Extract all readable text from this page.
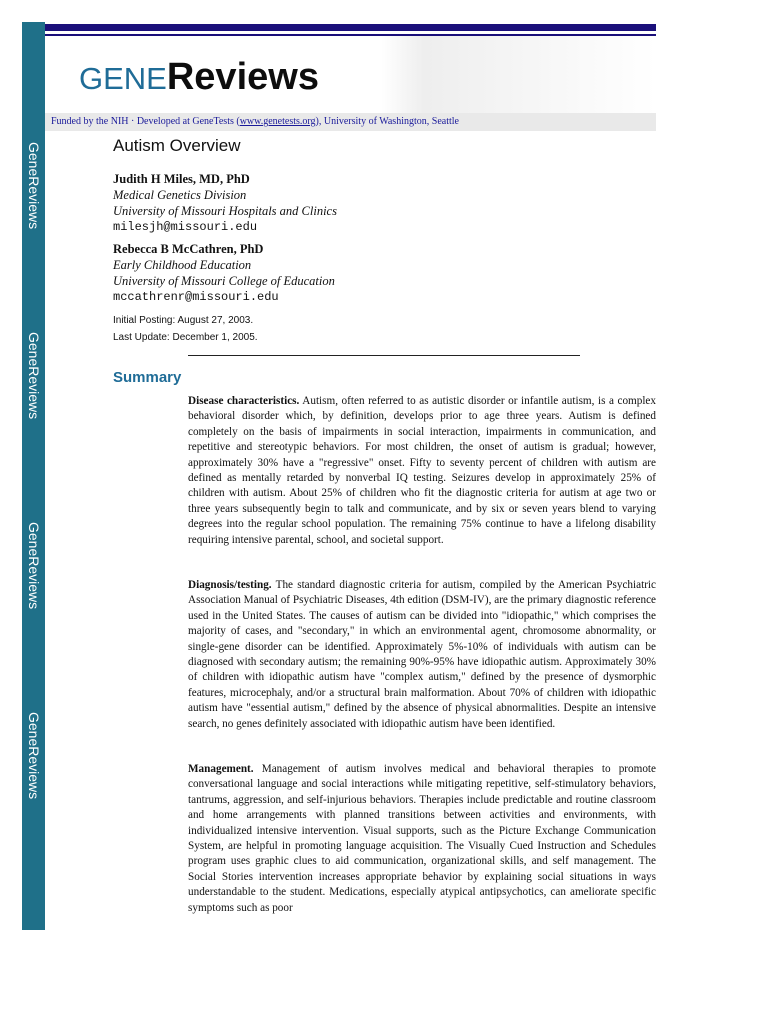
GeneReviews
GeneReviews
GeneReviews
GeneReviews
GENEReviews
Funded by the NIH · Developed at GeneTests (www.genetests.org), University of Washington, Seattle
Autism Overview
Judith H Miles, MD, PhD
Medical Genetics Division
University of Missouri Hospitals and Clinics
milesjh@missouri.edu
Rebecca B McCathren, PhD
Early Childhood Education
University of Missouri College of Education
mccathrenr@missouri.edu
Initial Posting: August 27, 2003.
Last Update: December 1, 2005.
Summary
Disease characteristics. Autism, often referred to as autistic disorder or infantile autism, is a complex behavioral disorder which, by definition, develops prior to age three years. Autism is defined completely on the basis of impairments in social interaction, impairments in communication, and repetitive and stereotypic behaviors. For most children, the onset of autism is gradual; however, approximately 30% have a "regressive" onset. Fifty to seventy percent of children with autism are defined as mentally retarded by nonverbal IQ testing. Seizures develop in approximately 25% of children with autism. About 25% of children who fit the diagnostic criteria for autism at age two or three years subsequently begin to talk and communicate, and by six or seven years blend to varying degrees into the regular school population. The remaining 75% continue to have a lifelong disability requiring intensive parental, school, and societal support.
Diagnosis/testing. The standard diagnostic criteria for autism, compiled by the American Psychiatric Association Manual of Psychiatric Diseases, 4th edition (DSM-IV), are the primary diagnostic reference used in the United States. The causes of autism can be divided into "idiopathic," which comprises the majority of cases, and "secondary," in which an environmental agent, chromosome abnormality, or single-gene disorder can be identified. Approximately 5%-10% of individuals with autism can be diagnosed with secondary autism; the remaining 90%-95% have idiopathic autism. Approximately 30% of children with idiopathic autism have "complex autism," defined by the presence of dysmorphic features, microcephaly, and/or a structural brain malformation. About 70% of children with idiopathic autism have "essential autism," defined by the absence of physical abnormalities. Despite an intensive search, no genes definitely associated with idiopathic autism have been identified.
Management. Management of autism involves medical and behavioral therapies to promote conversational language and social interactions while mitigating repetitive, self-stimulatory behaviors, tantrums, aggression, and self-injurious behaviors. Therapies include predictable and routine classroom and home arrangements with planned transitions between activities and environments, with individualized intensive intervention. Visual supports, such as the Picture Exchange Communication System, are helpful in promoting language acquisition. The Visually Cued Instruction and Schedules program uses graphic clues to aid communication, organizational skills, and self management. The Social Stories intervention increases appropriate behavior by explaining social situations in ways understandable to the student. Medications, especially atypical antipsychotics, can ameliorate specific symptoms such as poor
